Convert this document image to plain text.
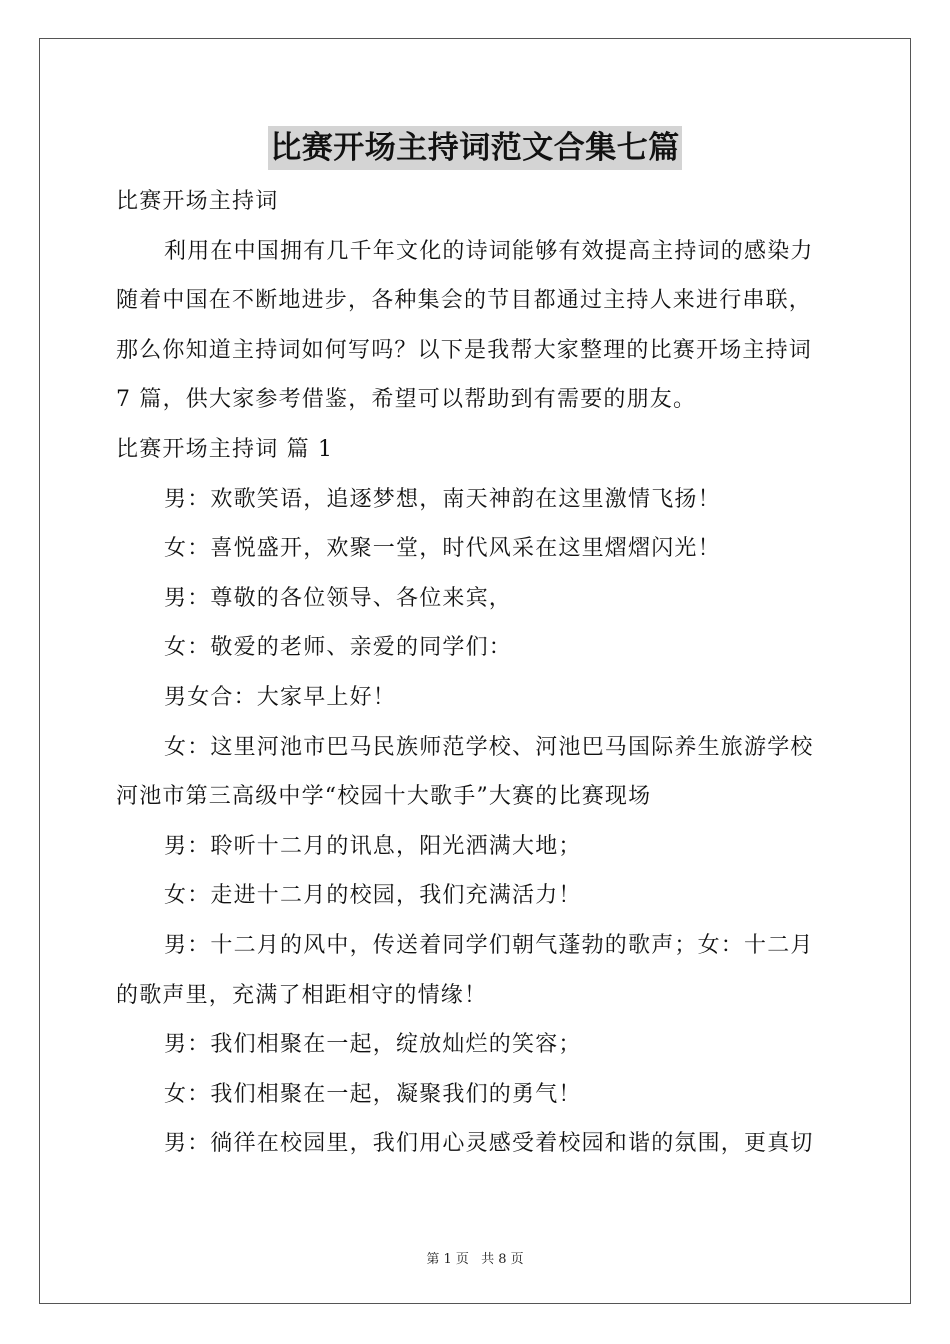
比赛开场主持词范文合集七篇

比赛开场主持词

利用在中国拥有几千年文化的诗词能够有效提高主持词的感染力

随着中国在不断地进步，各种集会的节目都通过主持人来进行串联，

那么你知道主持词如何写吗？以下是我帮大家整理的比赛开场主持词

7 篇，供大家参考借鉴，希望可以帮助到有需要的朋友。

比赛开场主持词 篇 1

男：欢歌笑语，追逐梦想，南天神韵在这里激情飞扬！

女：喜悦盛开，欢聚一堂，时代风采在这里熠熠闪光！

男：尊敬的各位领导、各位来宾，

女：敬爱的老师、亲爱的同学们：

男女合：大家早上好！

女：这里河池市巴马民族师范学校、河池巴马国际养生旅游学校

河池市第三高级中学“校园十大歌手”大赛的比赛现场

男：聆听十二月的讯息，阳光洒满大地；

女：走进十二月的校园，我们充满活力！

男：十二月的风中，传送着同学们朝气蓬勃的歌声；女：十二月

的歌声里，充满了相距相守的情缘！

男：我们相聚在一起，绽放灿烂的笑容；

女：我们相聚在一起，凝聚我们的勇气！

男：徜徉在校园里，我们用心灵感受着校园和谐的氛围，更真切

第 1 页 共 8 页
